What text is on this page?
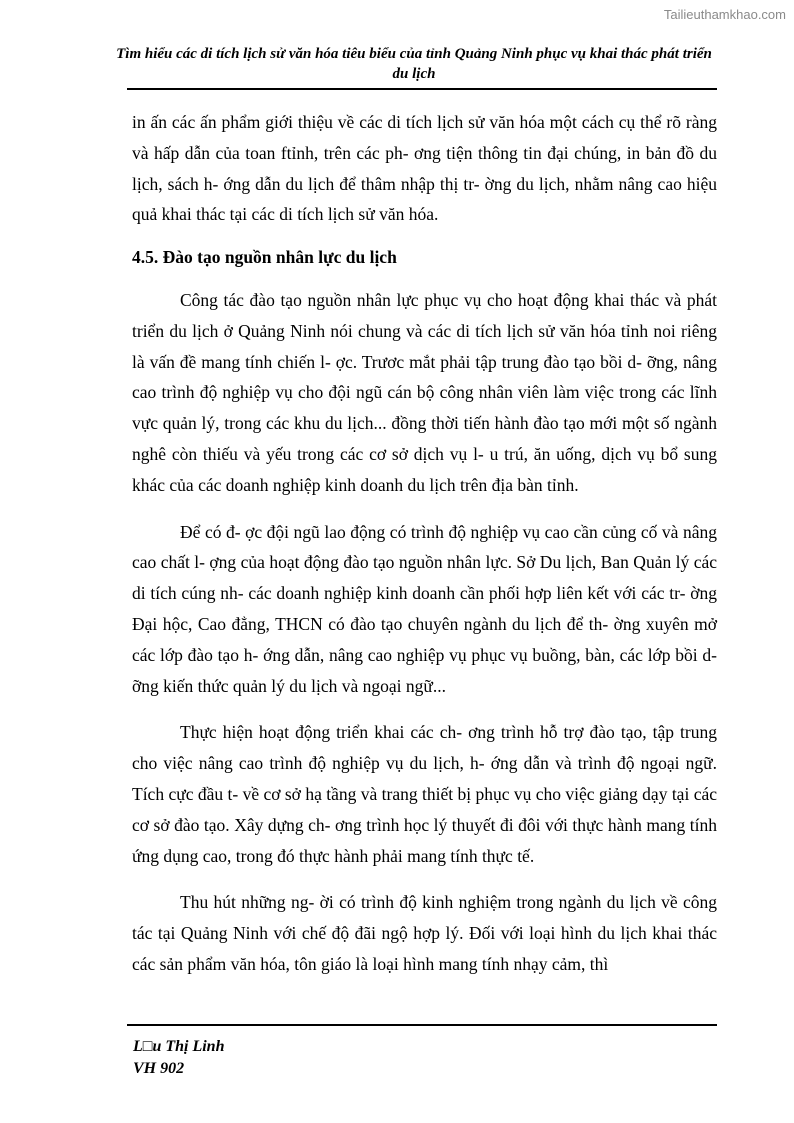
Tailieuthamkhao.com
Tìm hiểu các di tích lịch sử văn hóa tiêu biểu của tỉnh Quảng Ninh phục vụ khai thác phát triển du lịch

in ấn các ấn phẩm giới thiệu về các di tích lịch sử văn hóa một cách cụ thể rõ ràng và hấp dẫn của toan ftỉnh, trên các ph- ơng tiện thông tin đại chúng, in bản đồ du lịch, sách h- ớng dẫn du lịch để thâm nhập thị tr- ờng du lịch, nhằm nâng cao hiệu quả khai thác tại các di tích lịch sử văn hóa.

4.5. Đào tạo nguồn nhân lực du lịch

Công tác đào tạo nguồn nhân lực phục vụ cho hoạt động khai thác và phát triển du lịch ở Quảng Ninh nói chung và các di tích lịch sử văn hóa tỉnh noi riêng là vấn đề mang tính chiến l- ợc. Trươc mắt phải tập trung đào tạo bồi d- ỡng, nâng cao trình độ nghiệp vụ cho đội ngũ cán bộ công nhân viên làm việc trong các lĩnh vực quản lý, trong các khu du lịch... đồng thời tiến hành đào tạo mới một số ngành nghê còn thiếu và yếu trong các cơ sở dịch vụ l- u trú, ăn uống, dịch vụ bổ sung khác của các doanh nghiệp kinh doanh du lịch trên địa bàn tỉnh.

Để có đ- ợc đội ngũ lao động có trình độ nghiệp vụ cao cần củng cố và nâng cao chất l- ợng của hoạt động đào tạo nguồn nhân lực. Sở Du lịch, Ban Quản lý các di tích cúng nh- các doanh nghiệp kinh doanh cần phối hợp liên kết với các tr- ờng Đại hộc, Cao đẳng, THCN có đào tạo chuyên ngành du lịch để th- ờng xuyên mở các lớp đào tạo h- ớng dẫn, nâng cao nghiệp vụ phục vụ buồng, bàn, các lớp bồi d- ỡng kiến thức quản lý du lịch và ngoại ngữ...

Thực hiện hoạt động triển khai các ch- ơng trình hỗ trợ đào tạo, tập trung cho việc nâng cao trình độ nghiệp vụ du lịch, h- ớng dẫn và trình độ ngoại ngữ. Tích cực đầu t- về cơ sở hạ tầng và trang thiết bị phục vụ cho việc giảng dạy tại các cơ sở đào tạo. Xây dựng ch- ơng trình học lý thuyết đi đôi với thực hành mang tính ứng dụng cao, trong đó thực hành phải mang tính thực tế.

Thu hút những ng- ời có trình độ kinh nghiệm trong ngành du lịch về công tác tại Quảng Ninh với chế độ đãi ngộ hợp lý. Đối với loại hình du lịch khai thác các sản phẩm văn hóa, tôn giáo là loại hình mang tính nhạy cảm, thì

L□u Thị Linh
VH 902
